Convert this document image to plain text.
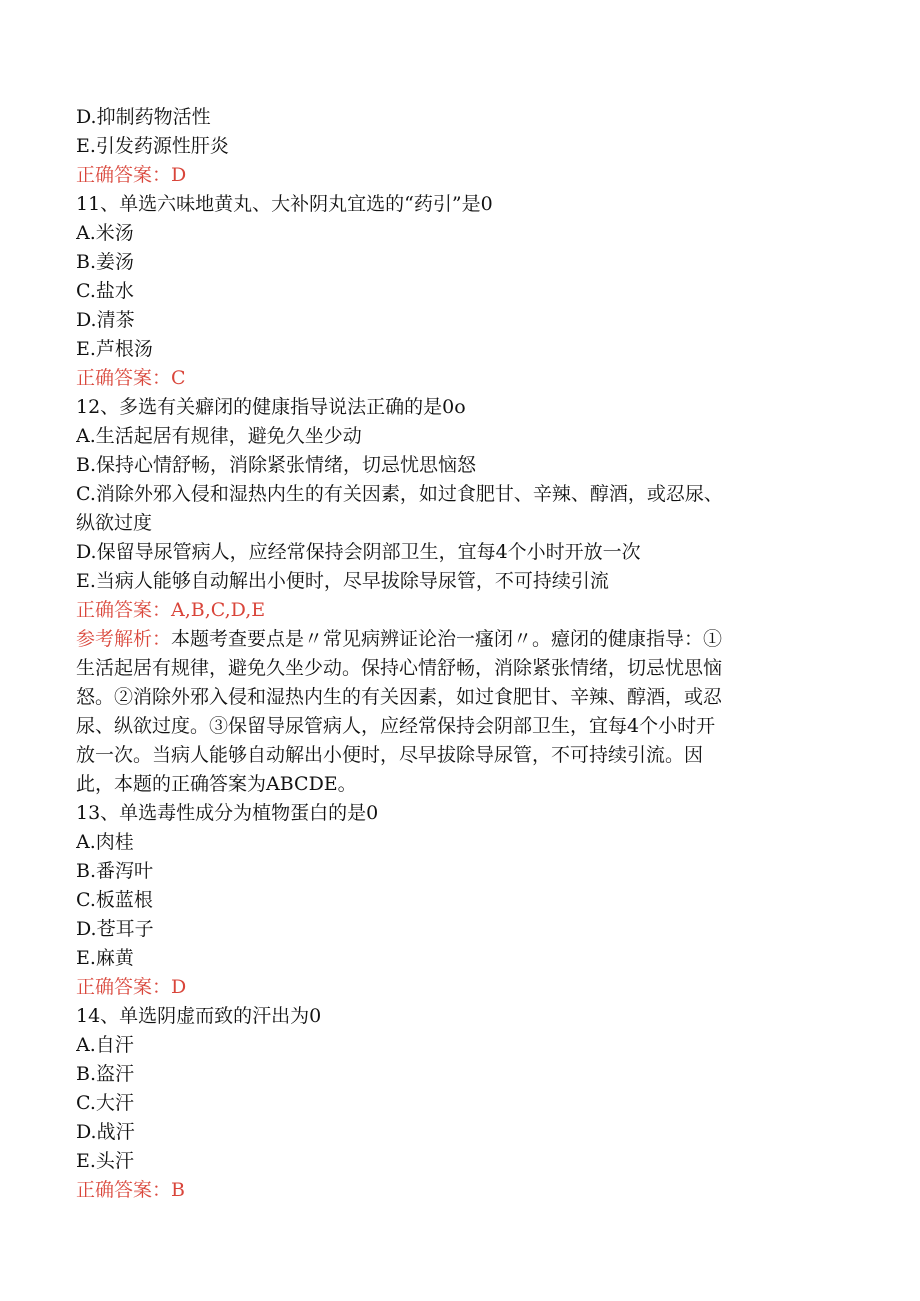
D.抑制药物活性
E.引发药源性肝炎
正确答案：D
11、单选六味地黄丸、大补阴丸宜选的“药引”是0
A.米汤
B.姜汤
C.盐水
D.清茶
E.芦根汤
正确答案：C
12、多选有关癖闭的健康指导说法正确的是0o
A.生活起居有规律，避免久坐少动
B.保持心情舒畅，消除紧张情绪，切忌忧思恼怒
C.消除外邪入侵和湿热内生的有关因素，如过食肥甘、辛辣、醇酒，或忍尿、
纵欲过度
D.保留导尿管病人，应经常保持会阴部卫生，宜每4个小时开放一次
E.当病人能够自动解出小便时，尽早拔除导尿管，不可持续引流
正确答案：A,B,C,D,E
参考解析：本题考查要点是〃常见病辨证论治一瘙闭〃。癔闭的健康指导：①
生活起居有规律，避免久坐少动。保持心情舒畅，消除紧张情绪，切忌忧思恼
怒。②消除外邪入侵和湿热内生的有关因素，如过食肥甘、辛辣、醇酒，或忍
尿、纵欲过度。③保留导尿管病人，应经常保持会阴部卫生，宜每4个小时开
放一次。当病人能够自动解出小便时，尽早拔除导尿管，不可持续引流。因
此，本题的正确答案为ABCDE。
13、单选毒性成分为植物蛋白的是0
A.肉桂
B.番泻叶
C.板蓝根
D.苍耳子
E.麻黄
正确答案：D
14、单选阴虚而致的汗出为0
A.自汗
B.盗汗
C.大汗
D.战汗
E.头汗
正确答案：B
